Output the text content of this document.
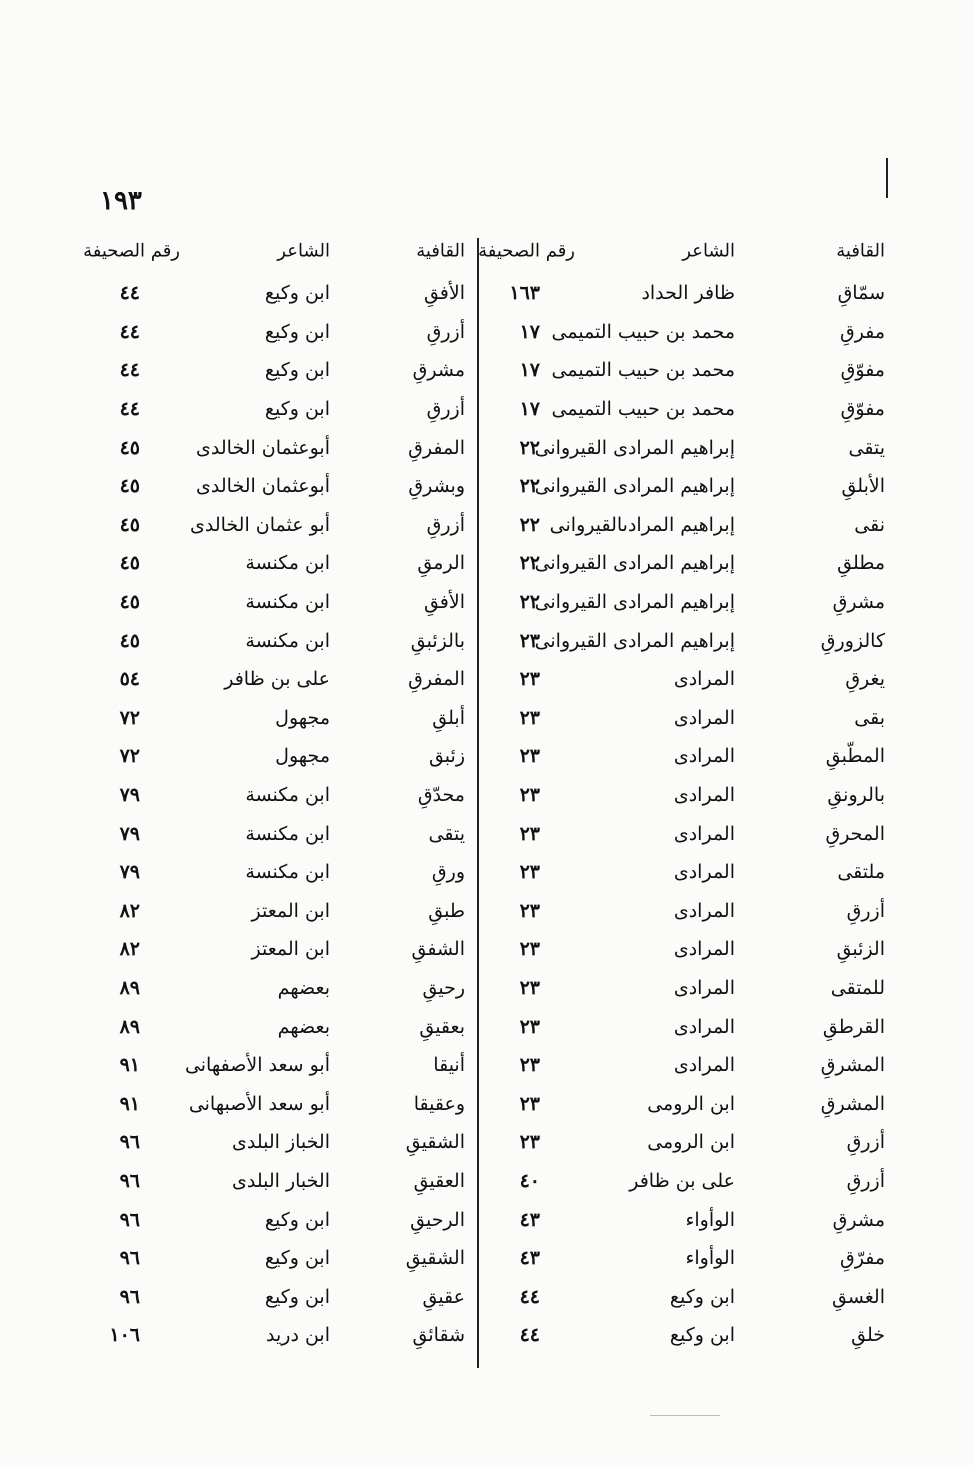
١٩٣
القافية
الشاعر
رقم الصحيفة
سمّاقِ
ظافر الحداد
١٦٣
مفرقِ
محمد بن حبيب التميمى
١٧
مفوّقِ
محمد بن حبيب التميمى
١٧
مفوّقِ
محمد بن حبيب التميمى
١٧
يتقى
إبراهيم المرادى القيروانى
٢٢
الأبلقِ
إبراهيم المرادى القيروانى
٢٢
نقى
إبراهيم المرادىالقيروانى
٢٢
مطلقِ
إبراهيم المرادى القيروانى
٢٢
مشرقِ
إبراهيم المرادى القيروانى
٢٢
كالزورقِ
إبراهيم المرادى القيروانى
٢٣
يغرقِ
المرادى
٢٣
بقى
المرادى
٢٣
المطّبقِ
المرادى
٢٣
بالرونقِ
المرادى
٢٣
المحرقِ
المرادى
٢٣
ملتقى
المرادى
٢٣
أزرقِ
المرادى
٢٣
الزئبقِ
المرادى
٢٣
للمتقى
المرادى
٢٣
القرطقِ
المرادى
٢٣
المشرقِ
المرادى
٢٣
المشرقِ
ابن الرومى
٢٣
أزرقِ
ابن الرومى
٢٣
أزرقِ
على بن ظافر
٤٠
مشرقِ
الوأواء
٤٣
مفرّقِ
الوأواء
٤٣
الغسقِ
ابن وكيع
٤٤
خلقِ
ابن وكيع
٤٤
القافية
الشاعر
رقم الصحيفة
الأفقِ
ابن وكيع
٤٤
أزرقِ
ابن وكيع
٤٤
مشرقِ
ابن وكيع
٤٤
أزرقِ
ابن وكيع
٤٤
المفرقِ
أبوعثمان الخالدى
٤٥
وبشرقِ
أبوعثمان الخالدى
٤٥
أزرقِ
أبو عثمان الخالدى
٤٥
الرمقِ
ابن مكنسة
٤٥
الأفقِ
ابن مكنسة
٤٥
بالزئبقِ
ابن مكنسة
٤٥
المفرقِ
على بن ظافر
٥٤
أبلقِ
مجهول
٧٢
زئبق
مجهول
٧٢
محدّقِ
ابن مكنسة
٧٩
يتقى
ابن مكنسة
٧٩
ورقِ
ابن مكنسة
٧٩
طبقِ
ابن المعتز
٨٢
الشفقِ
ابن المعتز
٨٢
رحيقِ
بعضهم
٨٩
بعقيقِ
بعضهم
٨٩
أنيقا
أبو سعد الأصفهانى
٩١
وعقيقا
أبو سعد الأصبهانى
٩١
الشقيقِ
الخباز البلدى
٩٦
العقيقِ
الخبار البلدى
٩٦
الرحيقِ
ابن وكيع
٩٦
الشقيقِ
ابن وكيع
٩٦
عقيقِ
ابن وكيع
٩٦
شقائقِ
ابن دريد
١٠٦
